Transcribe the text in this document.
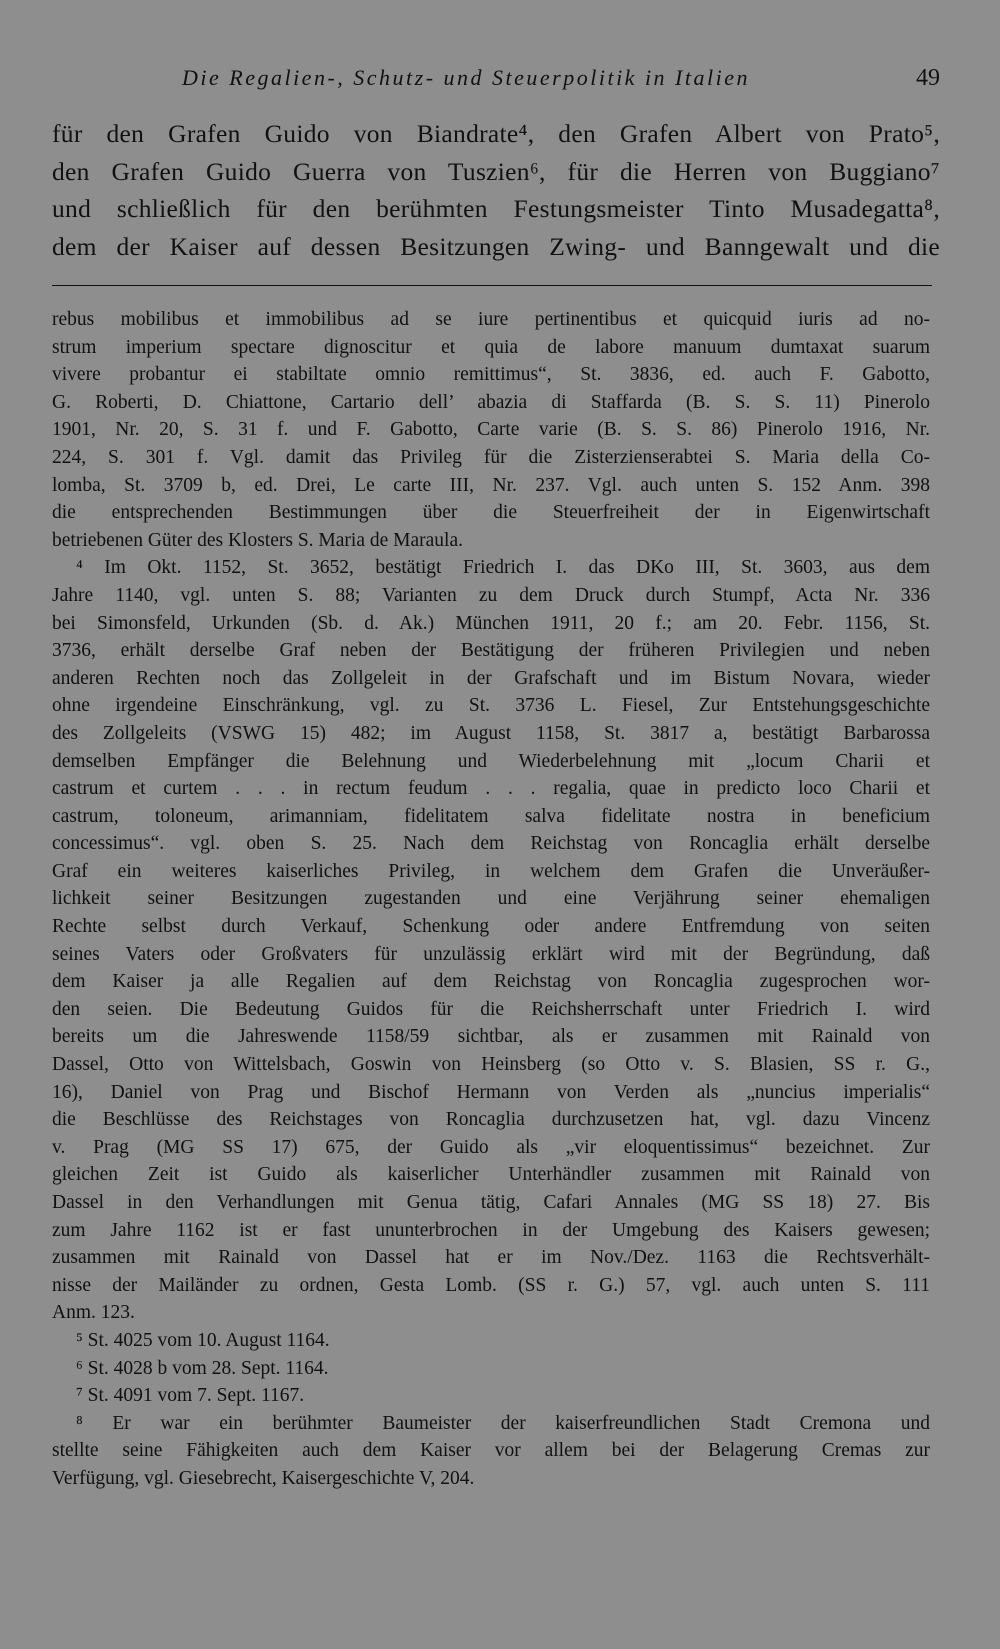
Die Regalien-, Schutz- und Steuerpolitik in Italien	49
für den Grafen Guido von Biandrate⁴, den Grafen Albert von Prato⁵,
den Grafen Guido Guerra von Tuszien⁶, für die Herren von Buggiano⁷
und schließlich für den berühmten Festungsmeister Tinto Musadegatta⁸,
dem der Kaiser auf dessen Besitzungen Zwing- und Banngewalt und die
rebus mobilibus et immobilibus ad se iure pertinentibus et quicquid iuris ad no-
strum imperium spectare dignoscitur et quia de labore manuum dumtaxat suarum
vivere probantur ei stabiltate omnio remittimus“, St. 3836, ed. auch F. Gabotto,
G. Roberti, D. Chiattone, Cartario dell’ abazia di Staffarda (B. S. S. 11) Pinerolo
1901, Nr. 20, S. 31 f. und F. Gabotto, Carte varie (B. S. S. 86) Pinerolo 1916, Nr.
224, S. 301 f. Vgl. damit das Privileg für die Zisterzienserabtei S. Maria della Co-
lomba, St. 3709 b, ed. Drei, Le carte III, Nr. 237. Vgl. auch unten S. 152 Anm. 398
die entsprechenden Bestimmungen über die Steuerfreiheit der in Eigenwirtschaft
betriebenen Güter des Klosters S. Maria de Maraula.
⁴ Im Okt. 1152, St. 3652, bestätigt Friedrich I. das DKo III, St. 3603, aus dem
Jahre 1140, vgl. unten S. 88; Varianten zu dem Druck durch Stumpf, Acta Nr. 336
bei Simonsfeld, Urkunden (Sb. d. Ak.) München 1911, 20 f.; am 20. Febr. 1156, St.
3736, erhält derselbe Graf neben der Bestätigung der früheren Privilegien und neben
anderen Rechten noch das Zollgeleit in der Grafschaft und im Bistum Novara, wieder
ohne irgendeine Einschränkung, vgl. zu St. 3736 L. Fiesel, Zur Entstehungsgeschichte
des Zollgeleits (VSWG 15) 482; im August 1158, St. 3817 a, bestätigt Barbarossa
demselben Empfänger die Belehnung und Wiederbelehnung mit „locum Charii et
castrum et curtem . . . in rectum feudum . . . regalia, quae in predicto loco Charii et
castrum, toloneum, arimanniam, fidelitatem salva fidelitate nostra in beneficium
concessimus“. vgl. oben S. 25. Nach dem Reichstag von Roncaglia erhält derselbe
Graf ein weiteres kaiserliches Privileg, in welchem dem Grafen die Unveräußer-
lichkeit seiner Besitzungen zugestanden und eine Verjährung seiner ehemaligen
Rechte selbst durch Verkauf, Schenkung oder andere Entfremdung von seiten
seines Vaters oder Großvaters für unzulässig erklärt wird mit der Begründung, daß
dem Kaiser ja alle Regalien auf dem Reichstag von Roncaglia zugesprochen wor-
den seien. Die Bedeutung Guidos für die Reichsherrschaft unter Friedrich I. wird
bereits um die Jahreswende 1158/59 sichtbar, als er zusammen mit Rainald von
Dassel, Otto von Wittelsbach, Goswin von Heinsberg (so Otto v. S. Blasien, SS r. G.,
16), Daniel von Prag und Bischof Hermann von Verden als „nuncius imperialis“
die Beschlüsse des Reichstages von Roncaglia durchzusetzen hat, vgl. dazu Vincenz
v. Prag (MG SS 17) 675, der Guido als „vir eloquentissimus“ bezeichnet. Zur
gleichen Zeit ist Guido als kaiserlicher Unterhändler zusammen mit Rainald von
Dassel in den Verhandlungen mit Genua tätig, Cafari Annales (MG SS 18) 27. Bis
zum Jahre 1162 ist er fast ununterbrochen in der Umgebung des Kaisers gewesen;
zusammen mit Rainald von Dassel hat er im Nov./Dez. 1163 die Rechtsverhält-
nisse der Mailänder zu ordnen, Gesta Lomb. (SS r. G.) 57, vgl. auch unten S. 111
Anm. 123.
⁵ St. 4025 vom 10. August 1164.
⁶ St. 4028 b vom 28. Sept. 1164.
⁷ St. 4091 vom 7. Sept. 1167.
⁸ Er war ein berühmter Baumeister der kaiserfreundlichen Stadt Cremona und
stellte seine Fähigkeiten auch dem Kaiser vor allem bei der Belagerung Cremas zur
Verfügung, vgl. Giesebrecht, Kaisergeschichte V, 204.
